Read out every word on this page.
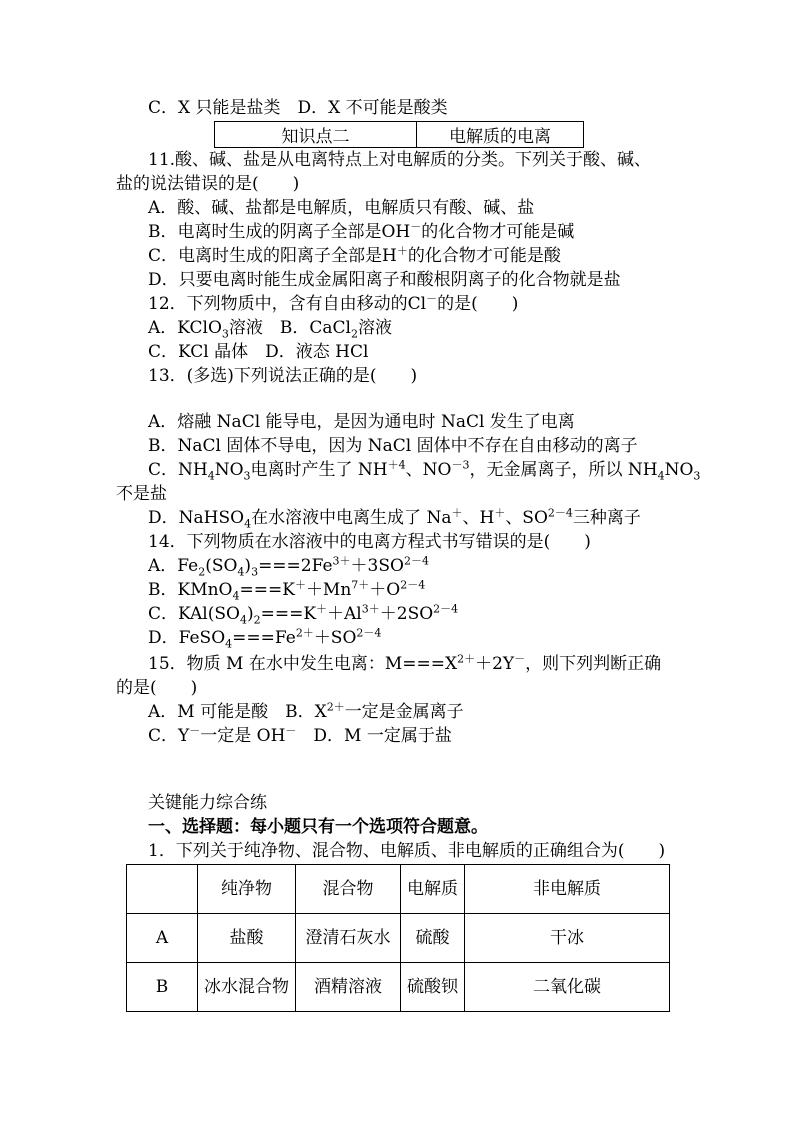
C．X 只能是盐类　D．X 不可能是酸类
知识点二	电解质的电离
11.酸、碱、盐是从电离特点上对电解质的分类。下列关于酸、碱、
盐的说法错误的是(　　)
A．酸、碱、盐都是电解质，电解质只有酸、碱、盐
B．电离时生成的阴离子全部是OH－的化合物才可能是碱
C．电离时生成的阳离子全部是H＋的化合物才可能是酸
D．只要电离时能生成金属阳离子和酸根阴离子的化合物就是盐
12．下列物质中，含有自由移动的Cl－的是(　　)
A．KClO$_3$溶液　B．CaCl$_2$溶液
C．KCl 晶体　D．液态 HCl
13．(多选)下列说法正确的是(　　)
A．熔融 NaCl 能导电，是因为通电时 NaCl 发生了电离
B．NaCl 固体不导电，因为 NaCl 固体中不存在自由移动的离子
C．$NH_4NO_3$电离时产生了 $NH^{+4}$、$NO^{-3}$，无金属离子，所以 $NH_4NO_3$
不是盐
D．NaHSO$_4$在水溶液中电离生成了 Na＋、H＋、$SO^{2-4}$三种离子
14．下列物质在水溶液中的电离方程式书写错误的是(　　)
A．$Fe_2(SO_4)_3===2Fe^{3+}+3SO^{2-4}$
B．$KMnO_4===K^++Mn^{7+}+O^{2-4}$
C．$KAl(SO_4)_2===K^++Al^{3+}+2SO^{2-4}$
D．$FeSO_4===Fe^{2+}+SO^{2-4}$
15．物质 M 在水中发生电离：$M===X^{2+}+2Y^-$，则下列判断正确
的是(　　)
A．M 可能是酸　B．$X^{2+}$一定是金属离子
C．Y－一定是 OH－　D．M 一定属于盐
关键能力综合练
一、选择题：每小题只有一个选项符合题意。
1．下列关于纯净物、混合物、电解质、非电解质的正确组合为(　　)
	纯净物	混合物	电解质	非电解质
A	盐酸	澄清石灰水	硫酸	干冰
B	冰水混合物	酒精溶液	硫酸钡	二氧化碳
